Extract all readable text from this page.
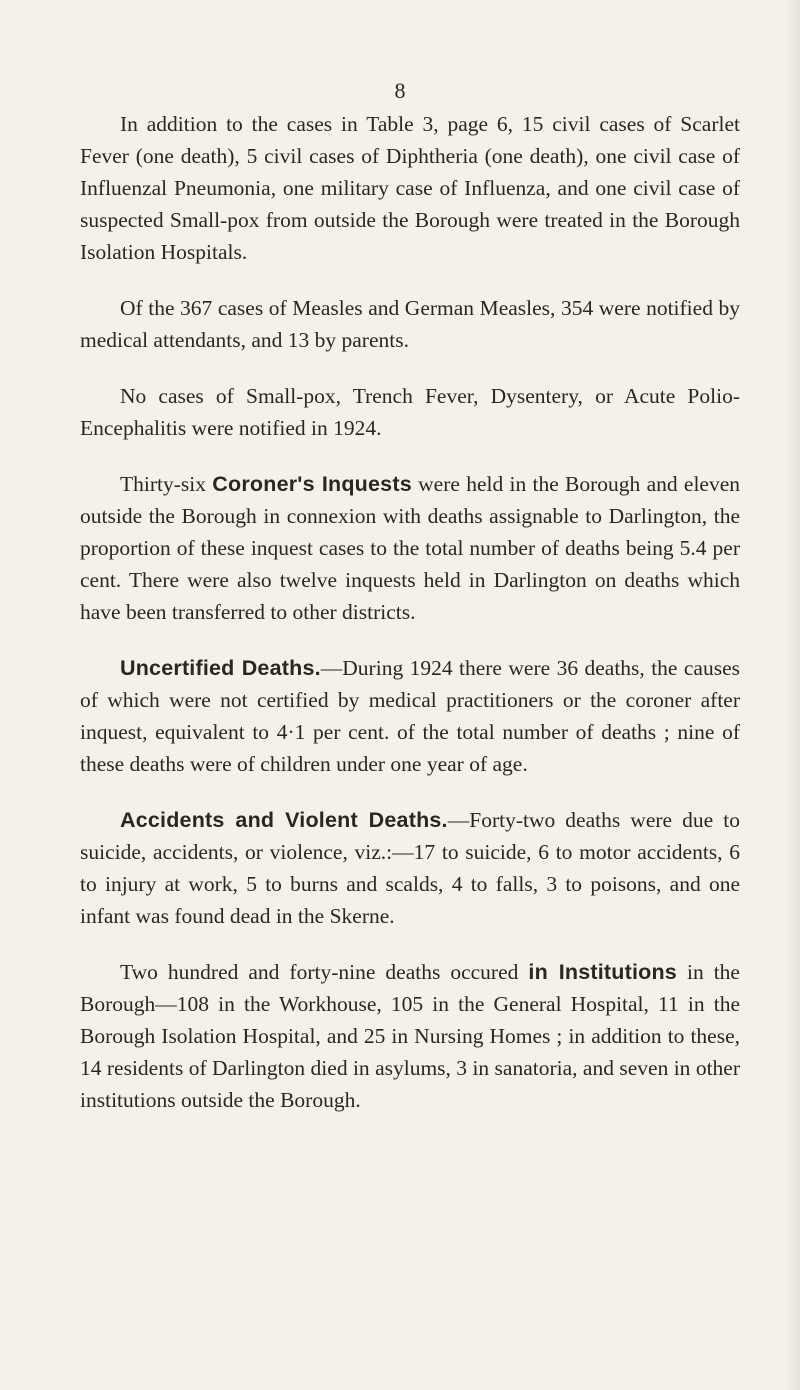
8

In addition to the cases in Table 3, page 6, 15 civil cases of Scarlet Fever (one death), 5 civil cases of Diphtheria (one death), one civil case of Influenzal Pneumonia, one military case of Influenza, and one civil case of suspected Small-pox from outside the Borough were treated in the Borough Isolation Hospitals.

Of the 367 cases of Measles and German Measles, 354 were notified by medical attendants, and 13 by parents.

No cases of Small-pox, Trench Fever, Dysentery, or Acute Polio-Encephalitis were notified in 1924.

Thirty-six Coroner's Inquests were held in the Borough and eleven outside the Borough in connexion with deaths assignable to Darlington, the proportion of these inquest cases to the total number of deaths being 5.4 per cent. There were also twelve inquests held in Darlington on deaths which have been transferred to other districts.

Uncertified Deaths.—During 1924 there were 36 deaths, the causes of which were not certified by medical practitioners or the coroner after inquest, equivalent to 4·1 per cent. of the total number of deaths ; nine of these deaths were of children under one year of age.

Accidents and Violent Deaths.—Forty-two deaths were due to suicide, accidents, or violence, viz.:—17 to suicide, 6 to motor accidents, 6 to injury at work, 5 to burns and scalds, 4 to falls, 3 to poisons, and one infant was found dead in the Skerne.

Two hundred and forty-nine deaths occured in Institutions in the Borough—108 in the Workhouse, 105 in the General Hospital, 11 in the Borough Isolation Hospital, and 25 in Nursing Homes ; in addition to these, 14 residents of Darlington died in asylums, 3 in sanatoria, and seven in other institutions outside the Borough.
